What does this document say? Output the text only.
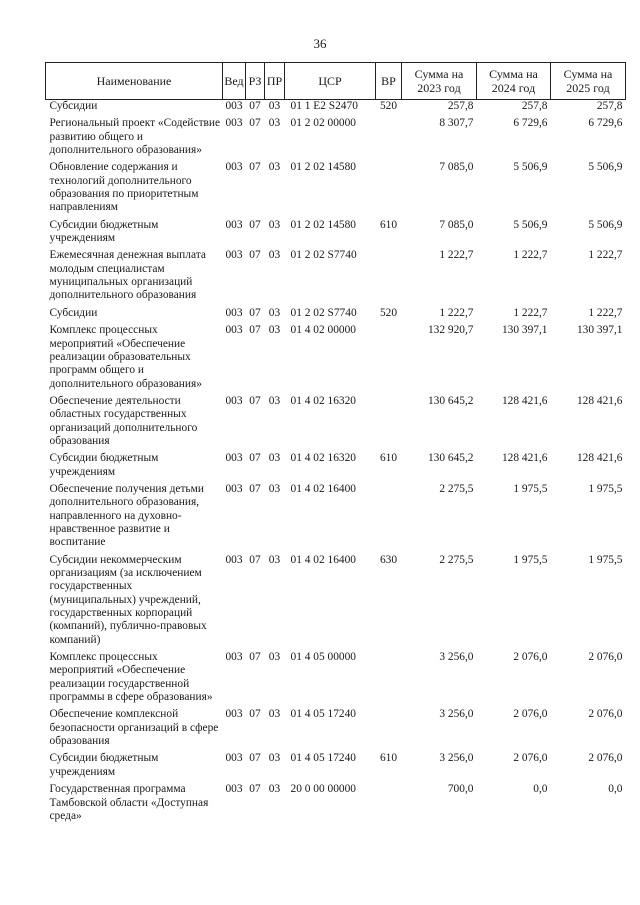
36
Наименование	Вед	РЗ	ПР	ЦСР	ВР	Сумма на 2023 год	Сумма на 2024 год	Сумма на 2025 год
Субсидии	003	07	03	01 1 Е2 S2470	520	257,8	257,8	257,8
Региональный проект «Содействие развитию общего и дополнительного образования»	003	07	03	01 2 02 00000		8 307,7	6 729,6	6 729,6
Обновление содержания и технологий дополнительного образования по приоритетным направлениям	003	07	03	01 2 02 14580		7 085,0	5 506,9	5 506,9
Субсидии бюджетным учреждениям	003	07	03	01 2 02 14580	610	7 085,0	5 506,9	5 506,9
Ежемесячная денежная выплата молодым специалистам муниципальных организаций дополнительного образования	003	07	03	01 2 02 S7740		1 222,7	1 222,7	1 222,7
Субсидии	003	07	03	01 2 02 S7740	520	1 222,7	1 222,7	1 222,7
Комплекс процессных мероприятий «Обеспечение реализации образовательных программ общего и дополнительного образования»	003	07	03	01 4 02 00000		132 920,7	130 397,1	130 397,1
Обеспечение деятельности областных государственных организаций дополнительного образования	003	07	03	01 4 02 16320		130 645,2	128 421,6	128 421,6
Субсидии бюджетным учреждениям	003	07	03	01 4 02 16320	610	130 645,2	128 421,6	128 421,6
Обеспечение получения детьми дополнительного образования, направленного на духовно-нравственное развитие и воспитание	003	07	03	01 4 02 16400		2 275,5	1 975,5	1 975,5
Субсидии некоммерческим организациям (за исключением государственных (муниципальных) учреждений, государственных корпораций (компаний), публично-правовых компаний)	003	07	03	01 4 02 16400	630	2 275,5	1 975,5	1 975,5
Комплекс процессных мероприятий «Обеспечение реализации государственной программы в сфере образования»	003	07	03	01 4 05 00000		3 256,0	2 076,0	2 076,0
Обеспечение комплексной безопасности организаций в сфере образования	003	07	03	01 4 05 17240		3 256,0	2 076,0	2 076,0
Субсидии бюджетным учреждениям	003	07	03	01 4 05 17240	610	3 256,0	2 076,0	2 076,0
Государственная программа Тамбовской области «Доступная среда»	003	07	03	20 0 00 00000		700,0	0,0	0,0
